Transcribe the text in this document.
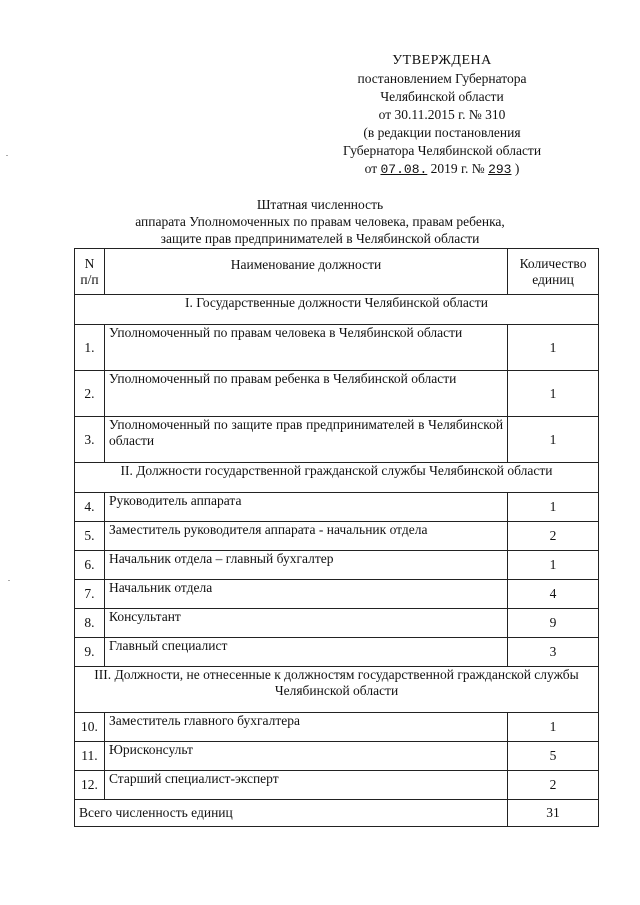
УТВЕРЖДЕНА
постановлением Губернатора
Челябинской области
от 30.11.2015 г. № 310
(в редакции постановления
Губернатора Челябинской области
от 07.08. 2019 г. № 293 )
Штатная численность
аппарата Уполномоченных по правам человека, правам ребенка,
защите прав предпринимателей в Челябинской области
N п/п	Наименование должности	Количество единиц
I. Государственные должности Челябинской области		
1.	Уполномоченный по правам человека в Челябинской области	1
2.	Уполномоченный по правам ребенка в Челябинской области	1
3.	Уполномоченный по защите прав предпринимателей в Челябинской области	1
II. Должности государственной гражданской службы Челябинской области		
4.	Руководитель аппарата	1
5.	Заместитель руководителя аппарата - начальник отдела	2
6.	Начальник отдела – главный бухгалтер	1
7.	Начальник отдела	4
8.	Консультант	9
9.	Главный специалист	3
III. Должности, не отнесенные к должностям государственной гражданской службы Челябинской области		
10.	Заместитель главного бухгалтера	1
11.	Юрисконсульт	5
12.	Старший специалист-эксперт	2
Всего численность единиц		31
